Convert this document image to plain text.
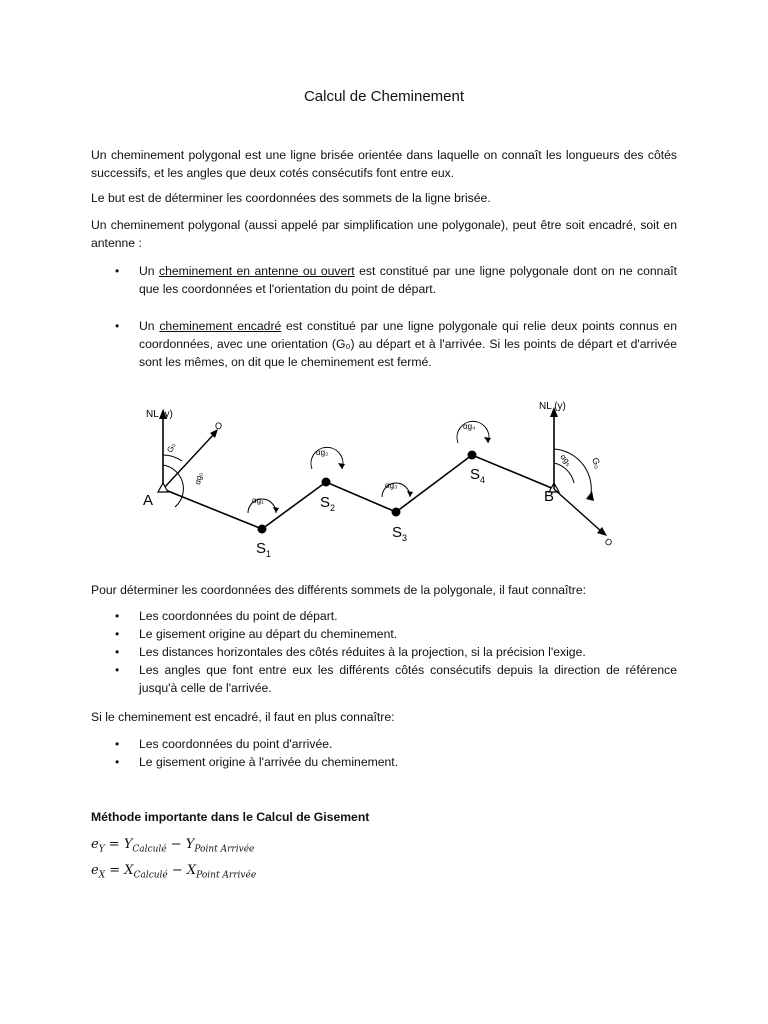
Calcul de Cheminement

Un cheminement polygonal est une ligne brisée orientée dans laquelle on connaît les longueurs des côtés successifs, et les angles que deux cotés consécutifs font entre eux.

Le but est de déterminer les coordonnées des sommets de la ligne brisée.

Un cheminement polygonal (aussi appelé par simplification une polygonale), peut être soit encadré, soit en antenne :

• Un cheminement en antenne ou ouvert est constitué par une ligne polygonale dont on ne connaît que les coordonnées et l'orientation du point de départ.
• Un cheminement encadré est constitué par une ligne polygonale qui relie deux points connus en coordonnées, avec une orientation (G₀) au départ et à l'arrivée. Si les points de départ et d'arrivée sont les mêmes, on dit que le cheminement est fermé.
NL (y)
O
G₀
αg₀
A
$S_1$
αg₁	$S_2$
αg₂
$S_3$
αg₃
$S_4$
αg₄
B
NL (y)
O
G₀
αg₅

Pour déterminer les coordonnées des différents sommets de la polygonale, il faut connaître:

• Les coordonnées du point de départ.
• Le gisement origine au départ du cheminement.
• Les distances horizontales des côtés réduites à la projection, si la précision l'exige.
• Les angles que font entre eux les différents côtés consécutifs depuis la direction de référence jusqu'à celle de l'arrivée.

Si le cheminement est encadré, il faut en plus connaître:

• Les coordonnées du point d'arrivée.
• Le gisement origine à l'arrivée du cheminement.

Méthode importante dans le Calcul de Gisement

$e_Y = Y_{Calculé} - Y_{Point Arrivée}$
$e_X = X_{Calculé} - X_{Point Arrivée}$
